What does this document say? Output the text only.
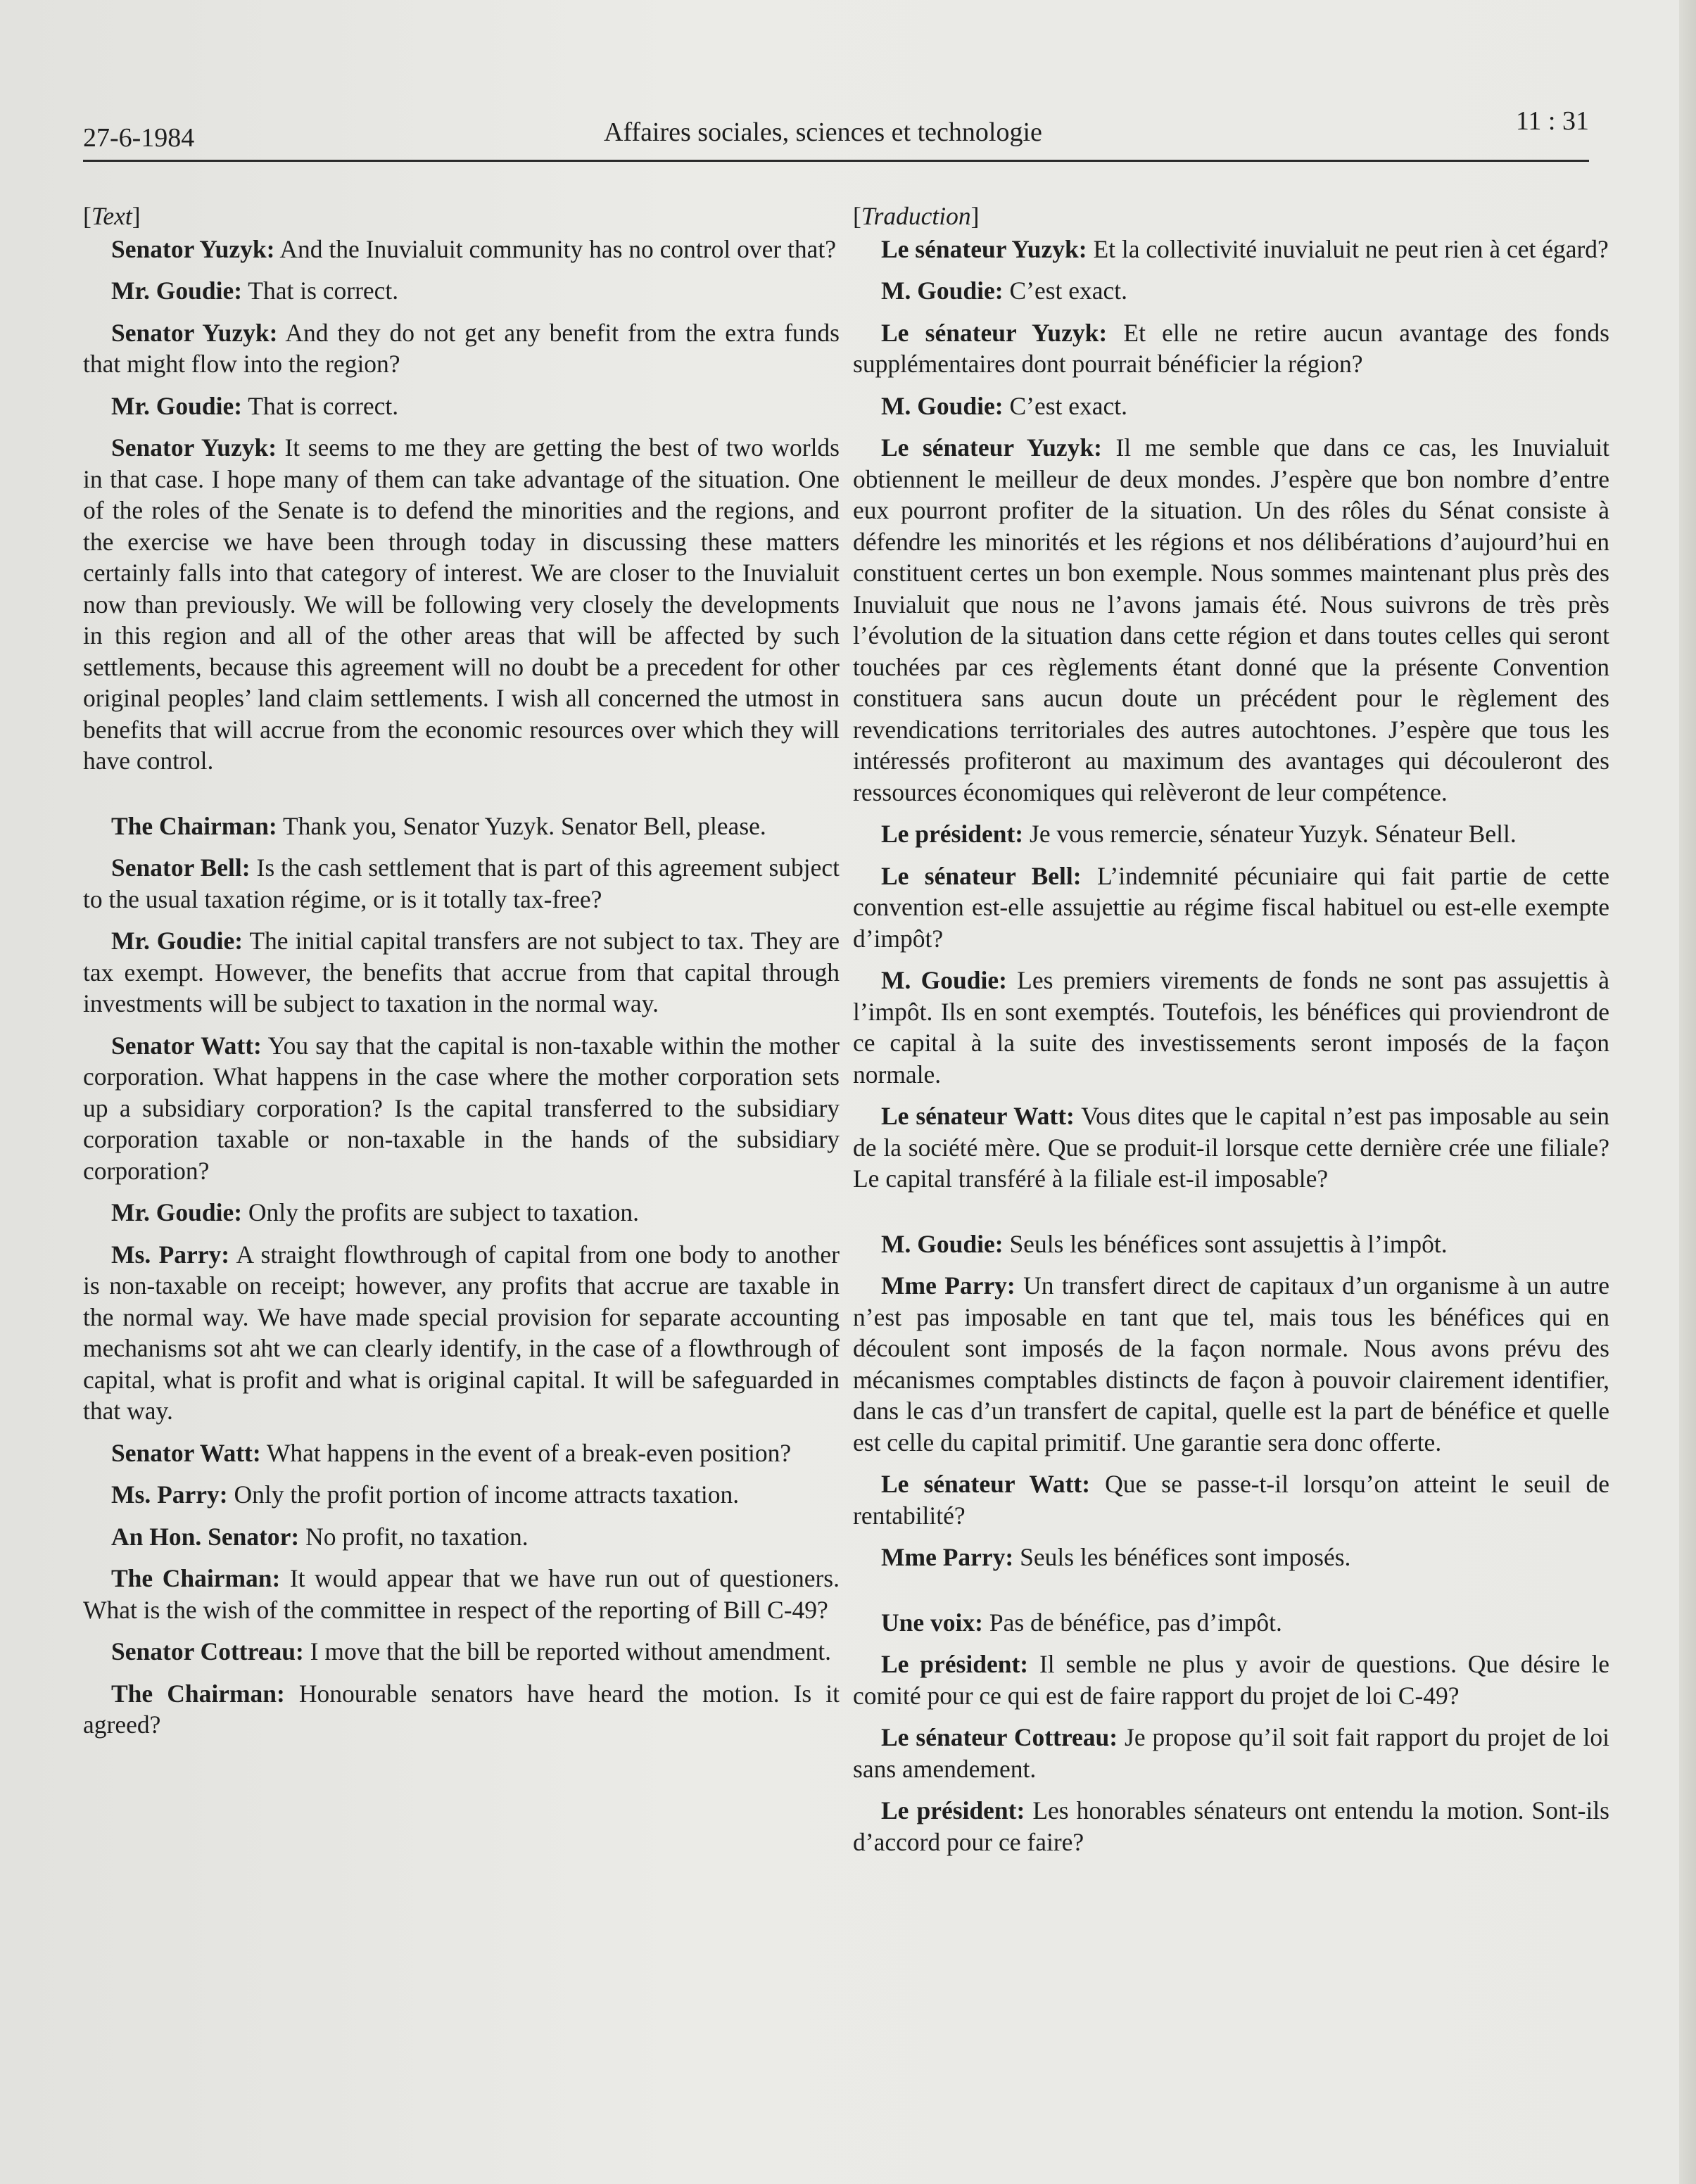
27-6-1984	Affaires sociales, sciences et technologie	11 : 31

[Text]

Senator Yuzyk: And the Inuvialuit community has no control over that?

Mr. Goudie: That is correct.

Senator Yuzyk: And they do not get any benefit from the extra funds that might flow into the region?

Mr. Goudie: That is correct.

Senator Yuzyk: It seems to me they are getting the best of two worlds in that case. I hope many of them can take advantage of the situation. One of the roles of the Senate is to defend the minorities and the regions, and the exercise we have been through today in discussing these matters certainly falls into that category of interest. We are closer to the Inuvialuit now than previously. We will be following very closely the developments in this region and all of the other areas that will be affected by such settlements, because this agreement will no doubt be a precedent for other original peoples’ land claim settlements. I wish all concerned the utmost in benefits that will accrue from the economic resources over which they will have control.

The Chairman: Thank you, Senator Yuzyk. Senator Bell, please.

Senator Bell: Is the cash settlement that is part of this agreement subject to the usual taxation régime, or is it totally tax-free?

Mr. Goudie: The initial capital transfers are not subject to tax. They are tax exempt. However, the benefits that accrue from that capital through investments will be subject to taxation in the normal way.

Senator Watt: You say that the capital is non-taxable within the mother corporation. What happens in the case where the mother corporation sets up a subsidiary corporation? Is the capital transferred to the subsidiary corporation taxable or non-taxable in the hands of the subsidiary corporation?

Mr. Goudie: Only the profits are subject to taxation.

Ms. Parry: A straight flowthrough of capital from one body to another is non-taxable on receipt; however, any profits that accrue are taxable in the normal way. We have made special provision for separate accounting mechanisms sot aht we can clearly identify, in the case of a flowthrough of capital, what is profit and what is original capital. It will be safeguarded in that way.

Senator Watt: What happens in the event of a break-even position?

Ms. Parry: Only the profit portion of income attracts taxation.

An Hon. Senator: No profit, no taxation.

The Chairman: It would appear that we have run out of questioners. What is the wish of the committee in respect of the reporting of Bill C-49?

Senator Cottreau: I move that the bill be reported without amendment.

The Chairman: Honourable senators have heard the motion. Is it agreed?

[Traduction]

Le sénateur Yuzyk: Et la collectivité inuvialuit ne peut rien à cet égard?

M. Goudie: C’est exact.

Le sénateur Yuzyk: Et elle ne retire aucun avantage des fonds supplémentaires dont pourrait bénéficier la région?

M. Goudie: C’est exact.

Le sénateur Yuzyk: Il me semble que dans ce cas, les Inuvialuit obtiennent le meilleur de deux mondes. J’espère que bon nombre d’entre eux pourront profiter de la situation. Un des rôles du Sénat consiste à défendre les minorités et les régions et nos délibérations d’aujourd’hui en constituent certes un bon exemple. Nous sommes maintenant plus près des Inuvialuit que nous ne l’avons jamais été. Nous suivrons de très près l’évolution de la situation dans cette région et dans toutes celles qui seront touchées par ces règlements étant donné que la présente Convention constituera sans aucun doute un précédent pour le règlement des revendications territoriales des autres autochtones. J’espère que tous les intéressés profiteront au maximum des avantages qui découleront des ressources économiques qui relèveront de leur compétence.

Le président: Je vous remercie, sénateur Yuzyk. Sénateur Bell.

Le sénateur Bell: L’indemnité pécuniaire qui fait partie de cette convention est-elle assujettie au régime fiscal habituel ou est-elle exempte d’impôt?

M. Goudie: Les premiers virements de fonds ne sont pas assujettis à l’impôt. Ils en sont exemptés. Toutefois, les bénéfices qui proviendront de ce capital à la suite des investissements seront imposés de la façon normale.

Le sénateur Watt: Vous dites que le capital n’est pas imposable au sein de la société mère. Que se produit-il lorsque cette dernière crée une filiale? Le capital transféré à la filiale est-il imposable?

M. Goudie: Seuls les bénéfices sont assujettis à l’impôt.

Mme Parry: Un transfert direct de capitaux d’un organisme à un autre n’est pas imposable en tant que tel, mais tous les bénéfices qui en découlent sont imposés de la façon normale. Nous avons prévu des mécanismes comptables distincts de façon à pouvoir clairement identifier, dans le cas d’un transfert de capital, quelle est la part de bénéfice et quelle est celle du capital primitif. Une garantie sera donc offerte.

Le sénateur Watt: Que se passe-t-il lorsqu’on atteint le seuil de rentabilité?

Mme Parry: Seuls les bénéfices sont imposés.

Une voix: Pas de bénéfice, pas d’impôt.

Le président: Il semble ne plus y avoir de questions. Que désire le comité pour ce qui est de faire rapport du projet de loi C-49?

Le sénateur Cottreau: Je propose qu’il soit fait rapport du projet de loi sans amendement.

Le président: Les honorables sénateurs ont entendu la motion. Sont-ils d’accord pour ce faire?
